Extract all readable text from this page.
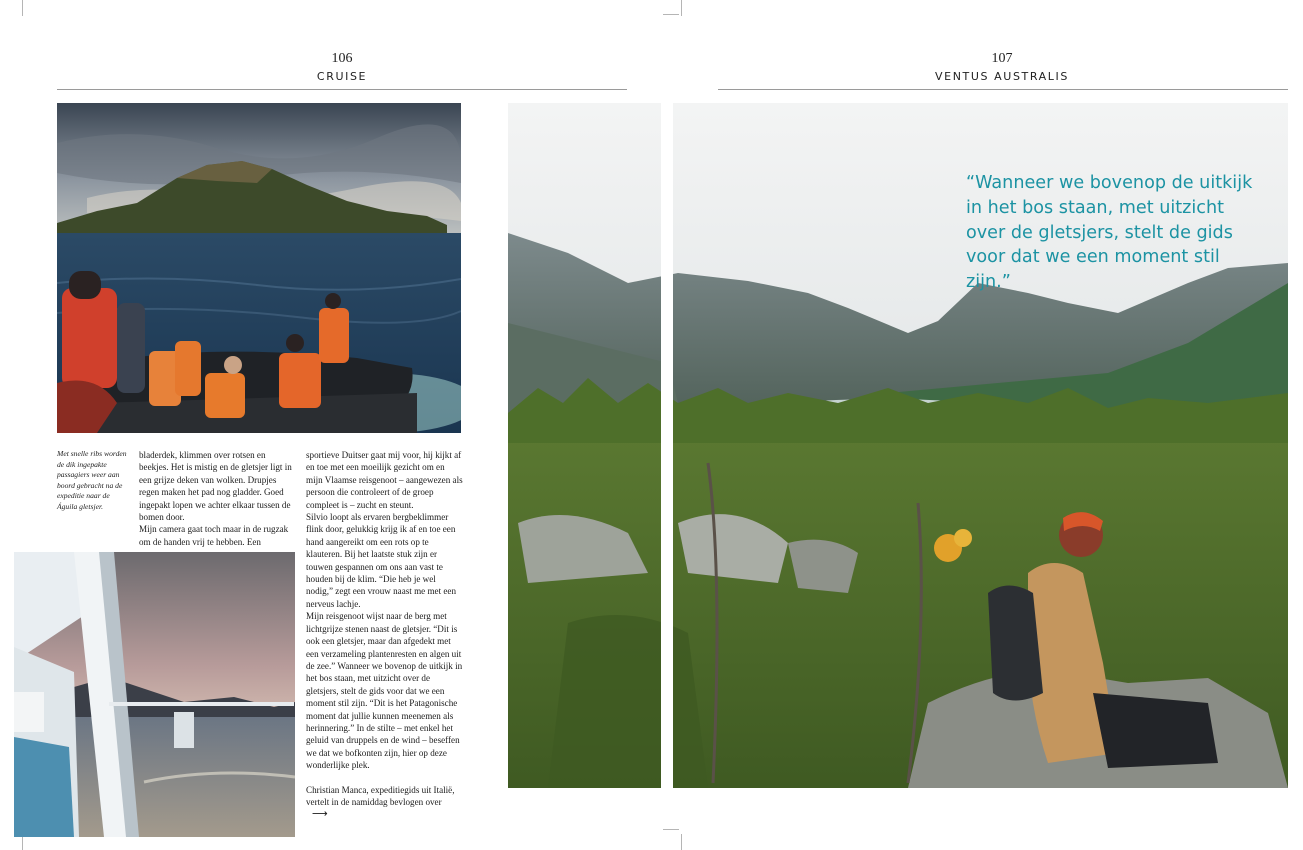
106
CRUISE
107
VENTUS AUSTRALIS
Met snelle ribs worden de dik ingepakte passagiers weer aan boord gebracht na de expeditie naar de Águila gletsjer.

bladerdek, klimmen over rotsen en beekjes. Het is mistig en de gletsjer ligt in een grijze deken van wolken. Drupjes regen maken het pad nog gladder. Goed ingepakt lopen we achter elkaar tussen de bomen door.

Mijn camera gaat toch maar in de rugzak om de handen vrij te hebben. Een

sportieve Duitser gaat mij voor, hij kijkt af en toe met een moeilijk gezicht om en mijn Vlaamse reisgenoot – aangewezen als persoon die controleert of de groep compleet is – zucht en steunt.

Silvio loopt als ervaren bergbeklimmer flink door, gelukkig krijg ik af en toe een hand aangereikt om een rots op te klauteren. Bij het laatste stuk zijn er touwen gespannen om ons aan vast te houden bij de klim. “Die heb je wel nodig,” zegt een vrouw naast me met een nerveus lachje.

Mijn reisgenoot wijst naar de berg met lichtgrijze stenen naast de gletsjer. “Dit is ook een gletsjer, maar dan afgedekt met een verzameling plantenresten en algen uit de zee.” Wanneer we bovenop de uitkijk in het bos staan, met uitzicht over de gletsjers, stelt de gids voor dat we een moment stil zijn. “Dit is het Patagonische moment dat jullie kunnen meenemen als herinnering.” In de stilte – met enkel het geluid van druppels en de wind – beseffen we dat we bofkonten zijn, hier op deze wonderlijke plek.

Christian Manca, expeditiegids uit Italië, vertelt in de namiddag bevlogen over⟶

“Wanneer we bovenop de uitkijk in het bos staan, met uitzicht over de gletsjers, stelt de gids voor dat we een moment stil zijn.”
